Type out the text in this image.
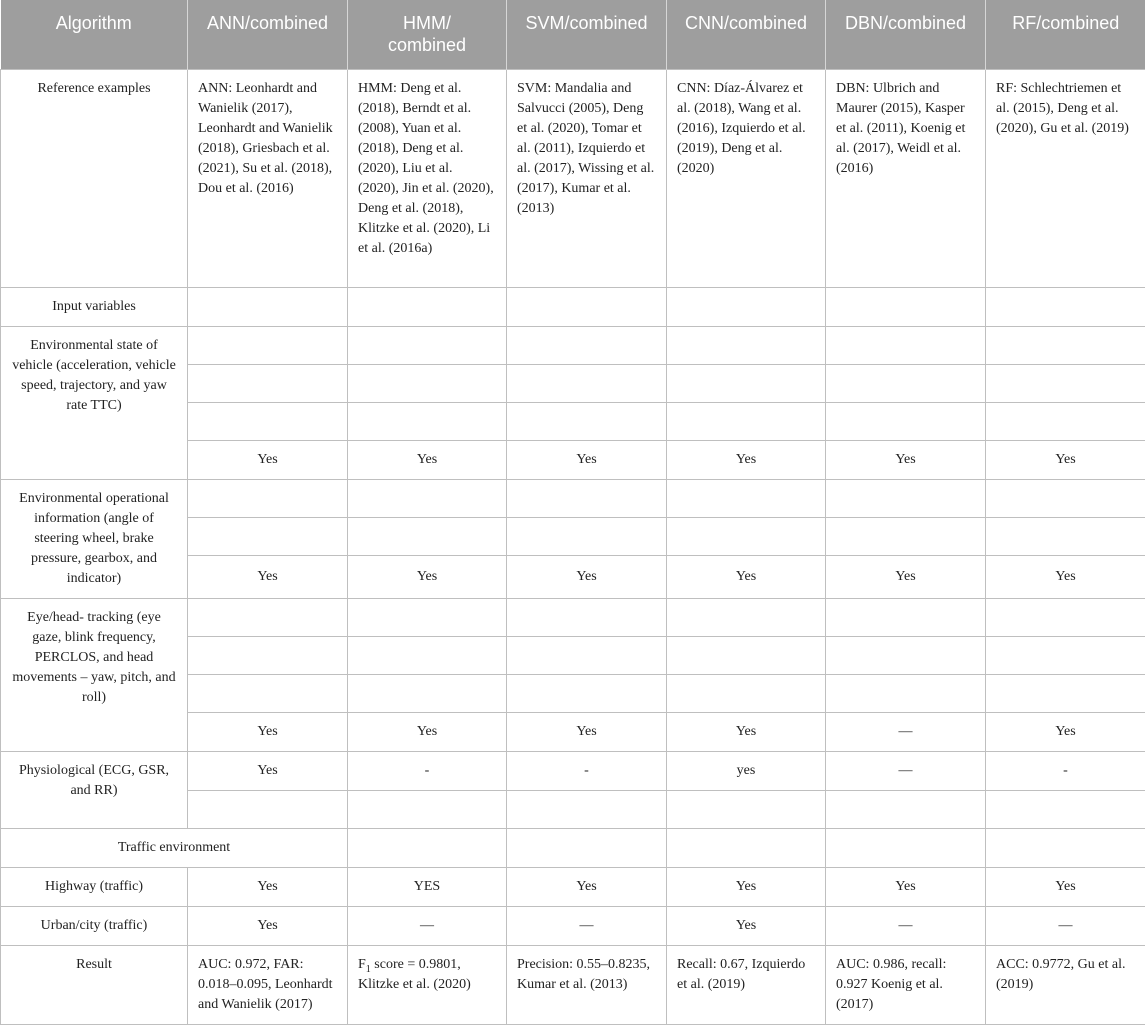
Algorithm	ANN/combined	HMM/
combined	SVM/combined	CNN/combined	DBN/combined	RF/combined
Reference examples	ANN: Leonhardt and Wanielik (2017), Leonhardt and Wanielik (2018), Griesbach et al. (2021), Su et al. (2018), Dou et al. (2016)	HMM: Deng et al. (2018), Berndt et al. (2008), Yuan et al. (2018), Deng et al. (2020), Liu et al. (2020), Jin et al. (2020), Deng et al. (2018), Klitzke et al. (2020), Li et al. (2016a)	SVM: Mandalia and Salvucci (2005), Deng et al. (2020), Tomar et al. (2011), Izquierdo et al. (2017), Wissing et al. (2017), Kumar et al. (2013)	CNN: Díaz-Álvarez et al. (2018), Wang et al. (2016), Izquierdo et al. (2019), Deng et al. (2020)	DBN: Ulbrich and Maurer (2015), Kasper et al. (2011), Koenig et al. (2017), Weidl et al. (2016)	RF: Schlechtriemen et al. (2015), Deng et al. (2020), Gu et al. (2019)
Input variables						
Environmental state of vehicle (acceleration, vehicle speed, trajectory, and yaw rate TTC)						

	Yes	Yes	Yes	Yes	Yes	Yes
Environmental operational information (angle of steering wheel, brake pressure, gearbox, and indicator)						

	Yes	Yes	Yes	Yes	Yes	Yes
Eye/head- tracking (eye gaze, blink frequency, PERCLOS, and head movements – yaw, pitch, and roll)						

	Yes	Yes	Yes	Yes	—	Yes
Physiological (ECG, GSR, and RR)	Yes	-	-	yes	—	-

Traffic environment						
Highway (traffic)	Yes	YES	Yes	Yes	Yes	Yes
Urban/city (traffic)	Yes	—	—	Yes	—	—
Result	AUC: 0.972, FAR: 0.018–0.095, Leonhardt and Wanielik (2017)	$F_1$ score = 0.9801, Klitzke et al. (2020)	Precision: 0.55–0.8235, Kumar et al. (2013)	Recall: 0.67, Izquierdo et al. (2019)	AUC: 0.986, recall: 0.927 Koenig et al. (2017)	ACC: 0.9772, Gu et al. (2019)
